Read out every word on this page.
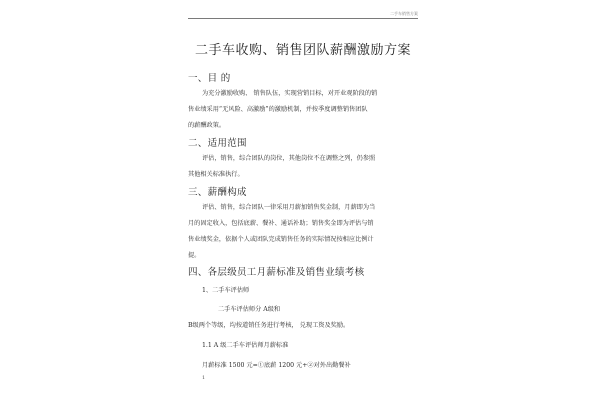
二手车销售方案
二手车收购、销售团队薪酬激励方案
一、目 的
为充分激励收购、 销售队伍，实现营销目标，对开业观阶段的销
售业绩采用“无风险、高激励”的激励机制，并按季度调整销售团队
的薪酬政策。
二、适用范围
评估，销售，综合团队的岗位，其他岗位不在调整之列，仍参照
其他相关标准执行。
三、薪酬构成
评估、销售，综合团队一律采用月薪加销售奖金制，月薪即为当
月的固定收入，包括底薪、餐补、通话补助；销售奖金即为评估与销
售业绩奖金，依据个人或团队完成销售任务的实际情况按相应比例计
提。
四、各层级员工月薪标准及销售业绩考核
1、二手车评估师
二手车评估师分 A级和
B级两个等级，均按道销任务进行考核， 兑现工资及奖励。
1.1 A 级二手车评估师月薪标准
月薪标准 1500 元=①底薪 1200 元+②对外出勤餐补
1
